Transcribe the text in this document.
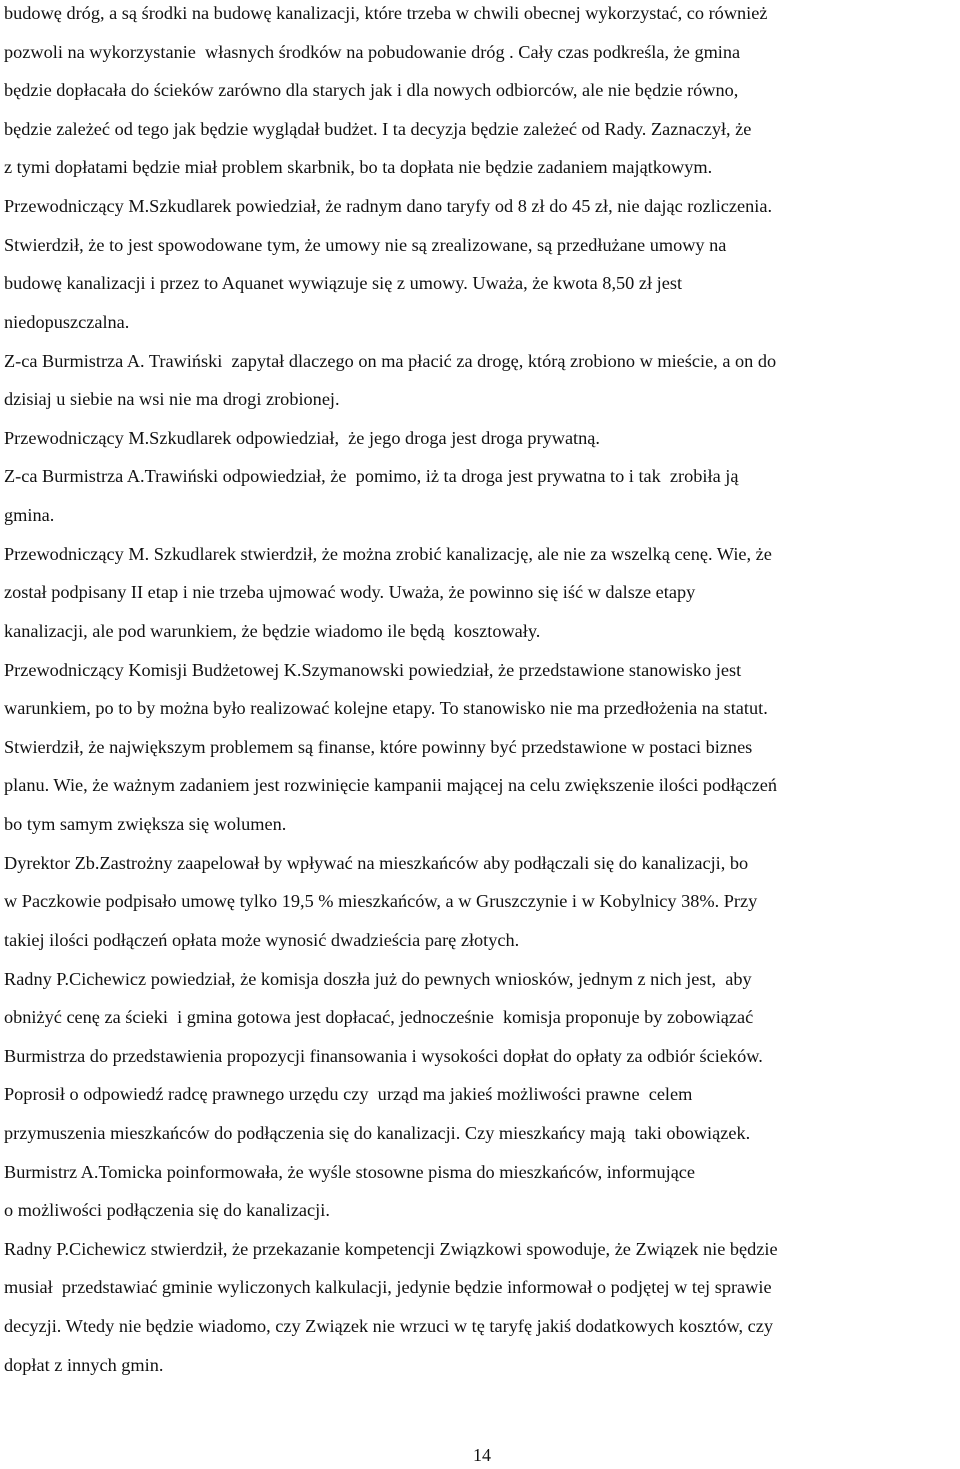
budowę dróg, a są środki na budowę kanalizacji, które trzeba w chwili obecnej wykorzystać, co również
pozwoli na wykorzystanie  własnych środków na pobudowanie dróg . Cały czas podkreśla, że gmina
będzie dopłacała do ścieków zarówno dla starych jak i dla nowych odbiorców, ale nie będzie równo,
będzie zależeć od tego jak będzie wyglądał budżet. I ta decyzja będzie zależeć od Rady. Zaznaczył, że
z tymi dopłatami będzie miał problem skarbnik, bo ta dopłata nie będzie zadaniem majątkowym.
Przewodniczący M.Szkudlarek powiedział, że radnym dano taryfy od 8 zł do 45 zł, nie dając rozliczenia.
Stwierdził, że to jest spowodowane tym, że umowy nie są zrealizowane, są przedłużane umowy na
budowę kanalizacji i przez to Aquanet wywiązuje się z umowy. Uważa, że kwota 8,50 zł jest
niedopuszczalna.
Z-ca Burmistrza A. Trawiński  zapytał dlaczego on ma płacić za drogę, którą zrobiono w mieście, a on do
dzisiaj u siebie na wsi nie ma drogi zrobionej.
Przewodniczący M.Szkudlarek odpowiedział,  że jego droga jest droga prywatną.
Z-ca Burmistrza A.Trawiński odpowiedział, że  pomimo, iż ta droga jest prywatna to i tak  zrobiła ją
gmina.
Przewodniczący M. Szkudlarek stwierdził, że można zrobić kanalizację, ale nie za wszelką cenę. Wie, że
został podpisany II etap i nie trzeba ujmować wody. Uważa, że powinno się iść w dalsze etapy
kanalizacji, ale pod warunkiem, że będzie wiadomo ile będą  kosztowały.
Przewodniczący Komisji Budżetowej K.Szymanowski powiedział, że przedstawione stanowisko jest
warunkiem, po to by można było realizować kolejne etapy. To stanowisko nie ma przedłożenia na statut.
Stwierdził, że największym problemem są finanse, które powinny być przedstawione w postaci biznes
planu. Wie, że ważnym zadaniem jest rozwinięcie kampanii mającej na celu zwiększenie ilości podłączeń
bo tym samym zwiększa się wolumen.
Dyrektor Zb.Zastrożny zaapelował by wpływać na mieszkańców aby podłączali się do kanalizacji, bo
w Paczkowie podpisało umowę tylko 19,5 % mieszkańców, a w Gruszczynie i w Kobylnicy 38%. Przy
takiej ilości podłączeń opłata może wynosić dwadzieścia parę złotych.
Radny P.Cichewicz powiedział, że komisja doszła już do pewnych wniosków, jednym z nich jest,  aby
obniżyć cenę za ścieki  i gmina gotowa jest dopłacać, jednocześnie  komisja proponuje by zobowiązać
Burmistrza do przedstawienia propozycji finansowania i wysokości dopłat do opłaty za odbiór ścieków.
Poprosił o odpowiedź radcę prawnego urzędu czy  urząd ma jakieś możliwości prawne  celem
przymuszenia mieszkańców do podłączenia się do kanalizacji. Czy mieszkańcy mają  taki obowiązek.
Burmistrz A.Tomicka poinformowała, że wyśle stosowne pisma do mieszkańców, informujące
o możliwości podłączenia się do kanalizacji.
Radny P.Cichewicz stwierdził, że przekazanie kompetencji Związkowi spowoduje, że Związek nie będzie
musiał  przedstawiać gminie wyliczonych kalkulacji, jedynie będzie informował o podjętej w tej sprawie
decyzji. Wtedy nie będzie wiadomo, czy Związek nie wrzuci w tę taryfę jakiś dodatkowych kosztów, czy
dopłat z innych gmin.
14
